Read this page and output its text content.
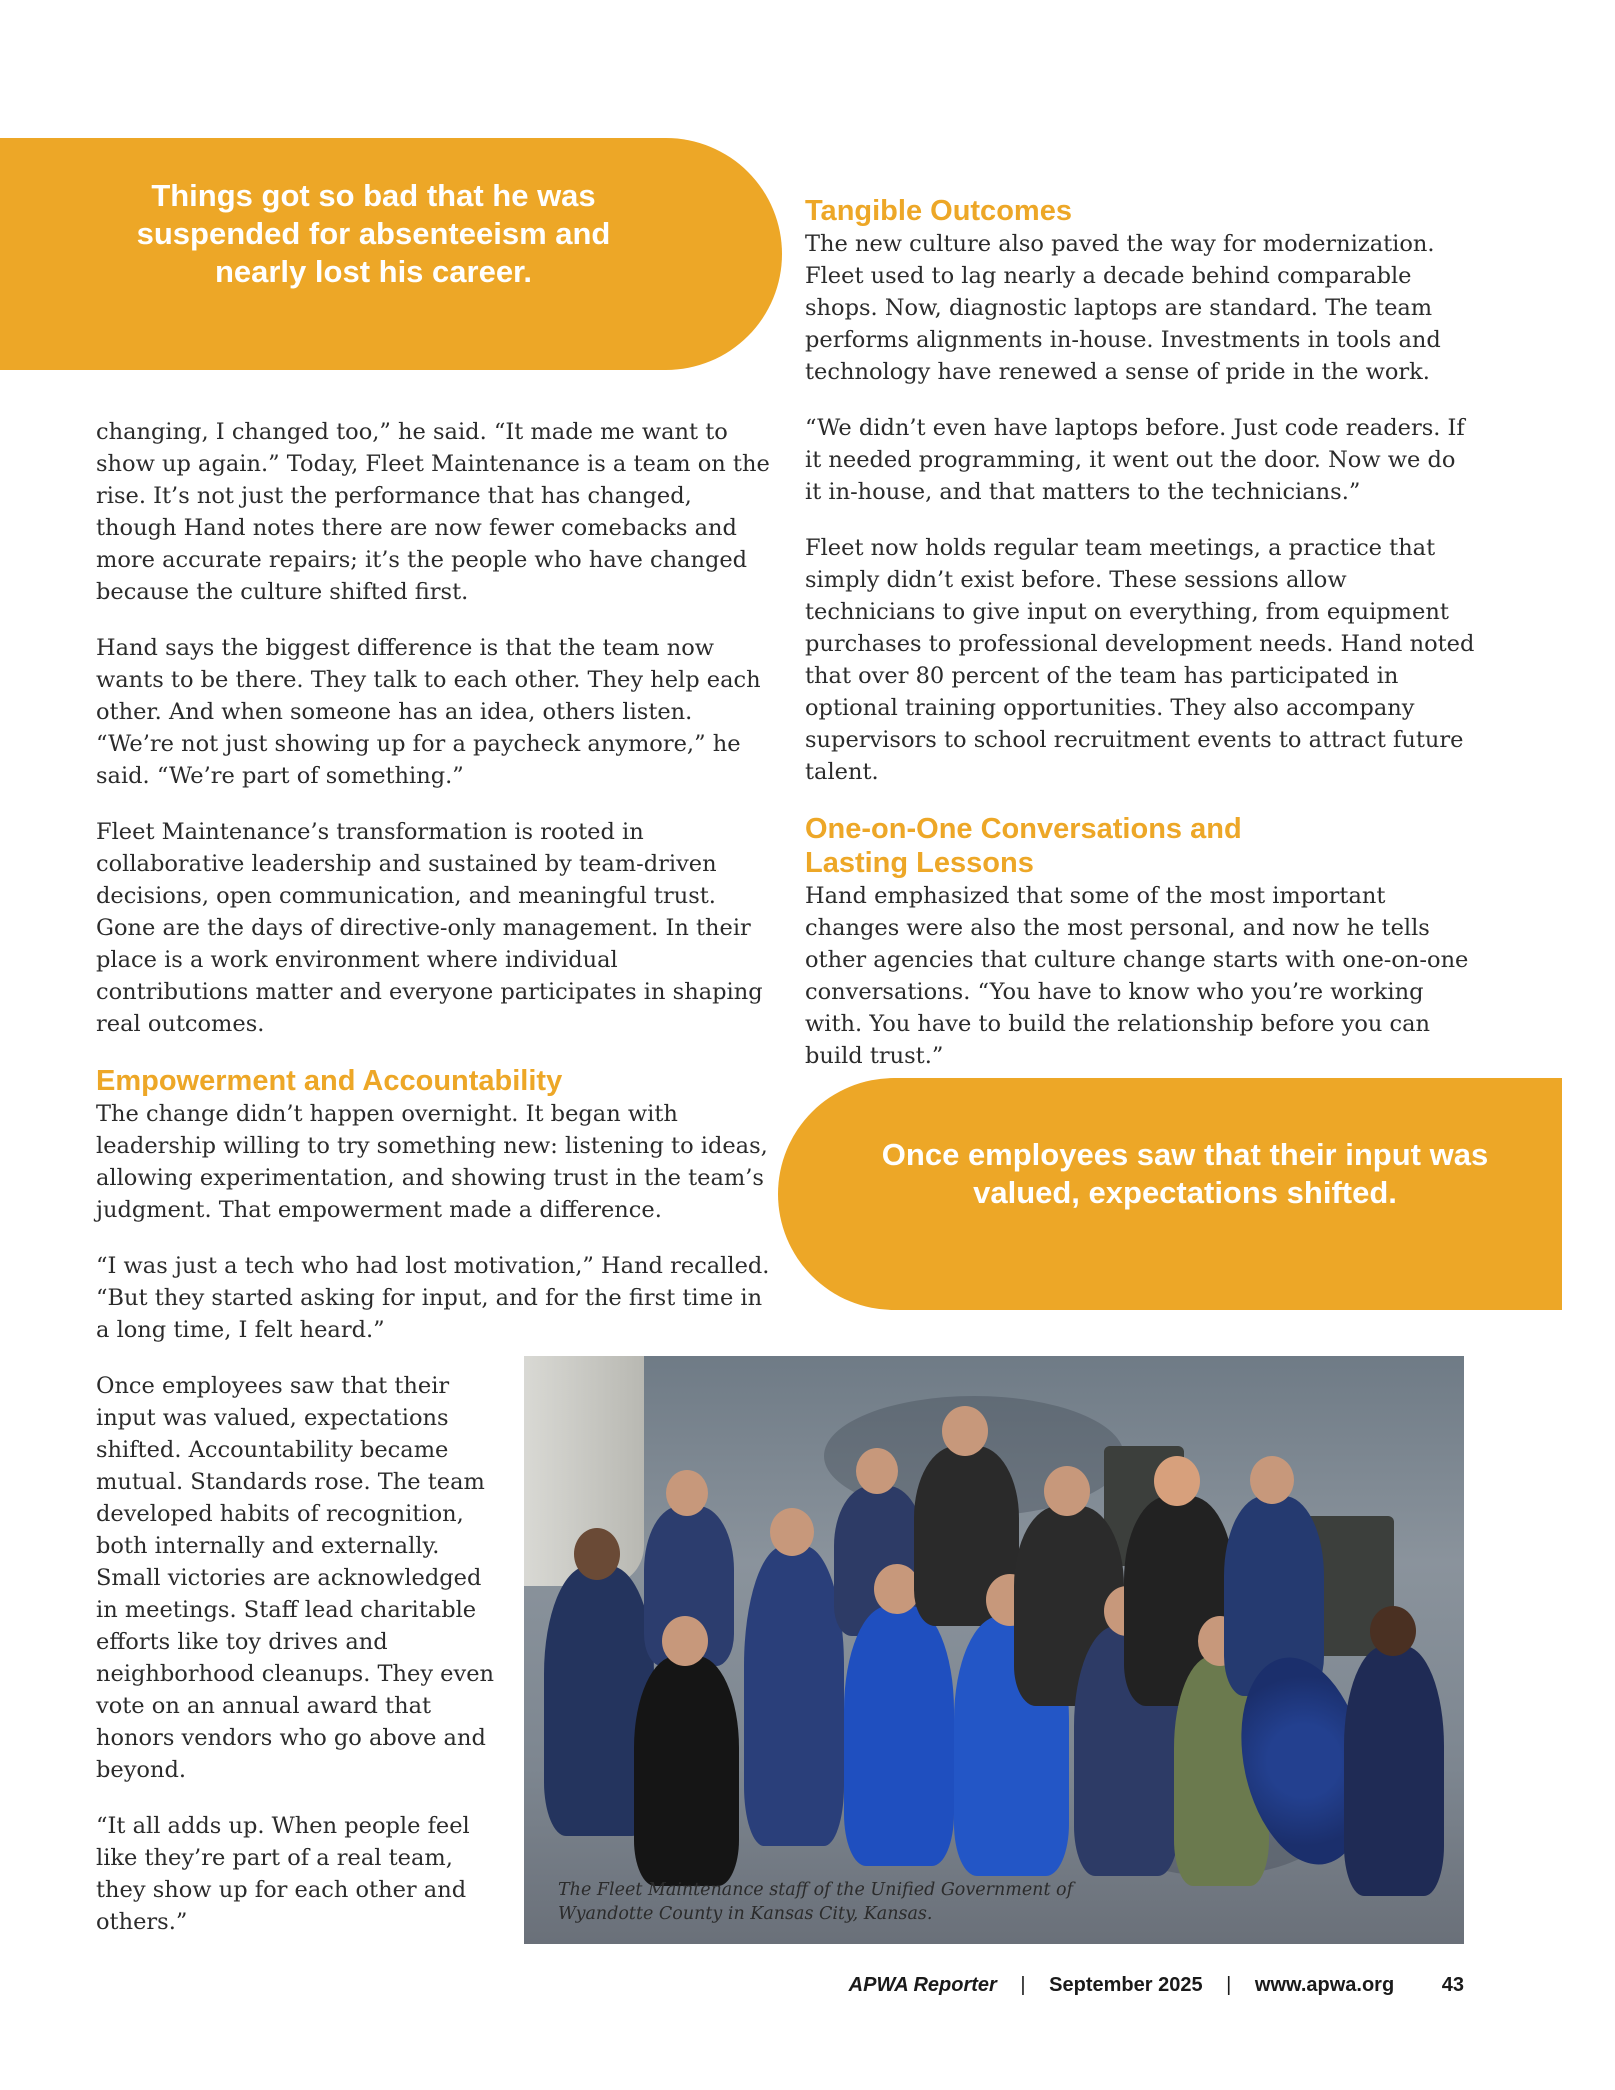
Things got so bad that he was suspended for absenteeism and nearly lost his career.
Tangible Outcomes

The new culture also paved the way for modernization. Fleet used to lag nearly a decade behind comparable shops. Now, diagnostic laptops are standard. The team performs alignments in-house. Investments in tools and technology have renewed a sense of pride in the work.

“We didn’t even have laptops before. Just code readers. If it needed programming, it went out the door. Now we do it in-house, and that matters to the technicians.”

Fleet now holds regular team meetings, a practice that simply didn’t exist before. These sessions allow technicians to give input on everything, from equipment purchases to professional development needs. Hand noted that over 80 percent of the team has participated in optional training opportunities. They also accompany supervisors to school recruitment events to attract future talent.

One-on-One Conversations and
Lasting Lessons

Hand emphasized that some of the most important changes were also the most personal, and now he tells other agencies that culture change starts with one-on-one conversations. “You have to know who you’re working with. You have to build the relationship before you can build trust.”

changing, I changed too,” he said. “It made me want to show up again.” Today, Fleet Maintenance is a team on the rise. It’s not just the performance that has changed, though Hand notes there are now fewer comebacks and more accurate repairs; it’s the people who have changed because the culture shifted first.

Hand says the biggest difference is that the team now wants to be there. They talk to each other. They help each other. And when someone has an idea, others listen. “We’re not just showing up for a paycheck anymore,” he said. “We’re part of something.”

Fleet Maintenance’s transformation is rooted in collaborative leadership and sustained by team-driven decisions, open communication, and meaningful trust. Gone are the days of directive-only management. In their place is a work environment where individual contributions matter and everyone participates in shaping real outcomes.

Empowerment and Accountability

The change didn’t happen overnight. It began with leadership willing to try something new: listening to ideas, allowing experimentation, and showing trust in the team’s judgment. That empowerment made a difference.

“I was just a tech who had lost motivation,” Hand recalled. “But they started asking for input, and for the first time in a long time, I felt heard.”

Once employees saw that their input was valued, expectations shifted. Accountability became mutual. Standards rose. The team developed habits of recognition, both internally and externally. Small victories are acknowledged in meetings. Staff lead charitable efforts like toy drives and neighborhood cleanups. They even vote on an annual award that honors vendors who go above and beyond.

“It all adds up. When people feel like they’re part of a real team, they show up for each other and others.”

Once employees saw that their input was valued, expectations shifted.
The Fleet Maintenance staff of the Unified Government of
Wyandotte County in Kansas City, Kansas.
APWA Reporter | September 2025 | www.apwa.org 43
